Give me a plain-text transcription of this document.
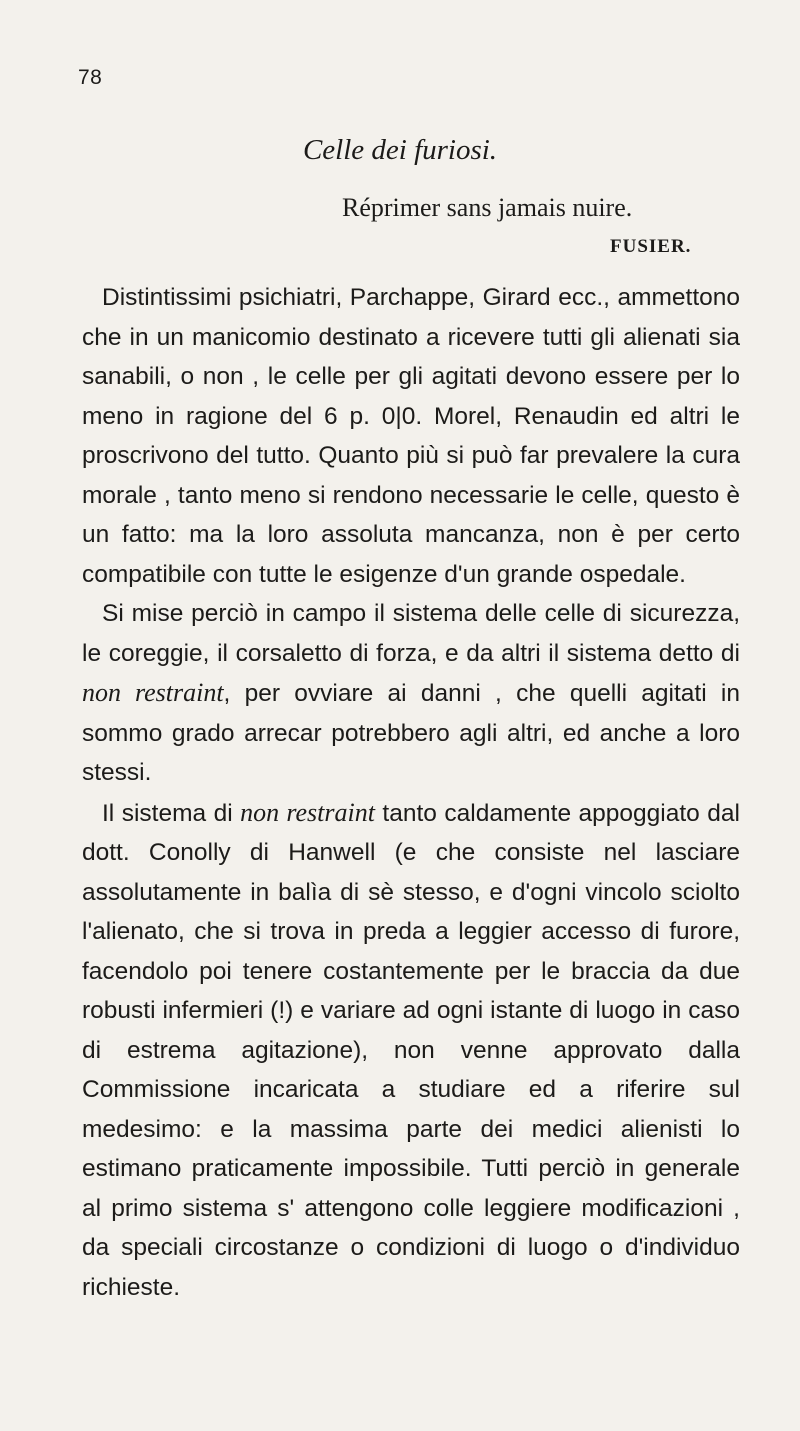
78
Celle dei furiosi.
Réprimer sans jamais nuire.
FUSIER.

Distintissimi psichiatri, Parchappe, Girard ecc., ammettono che in un manicomio destinato a ricevere tutti gli alienati sia sanabili, o non , le celle per gli agitati devono essere per lo meno in ragione del 6 p. 0|0. Morel, Renaudin ed altri le proscrivono del tutto. Quanto più si può far prevalere la cura morale , tanto meno si rendono necessarie le celle, questo è un fatto: ma la loro assoluta mancanza, non è per certo compatibile con tutte le esigenze d'un grande ospedale.

Si mise perciò in campo il sistema delle celle di sicurezza, le coreggie, il corsaletto di forza, e da altri il sistema detto di non restraint, per ovviare ai danni , che quelli agitati in sommo grado arrecar potrebbero agli altri, ed anche a loro stessi.

Il sistema di non restraint tanto caldamente appoggiato dal dott. Conolly di Hanwell (e che consiste nel lasciare assolutamente in balìa di sè stesso, e d'ogni vincolo sciolto l'alienato, che si trova in preda a leggier accesso di furore, facendolo poi tenere costantemente per le braccia da due robusti infermieri (!) e variare ad ogni istante di luogo in caso di estrema agitazione), non venne approvato dalla Commissione incaricata a studiare ed a riferire sul medesimo: e la massima parte dei medici alienisti lo estimano praticamente impossibile. Tutti perciò in generale al primo sistema s' attengono colle leggiere modificazioni , da speciali circostanze o condizioni di luogo o d'individuo richieste.
